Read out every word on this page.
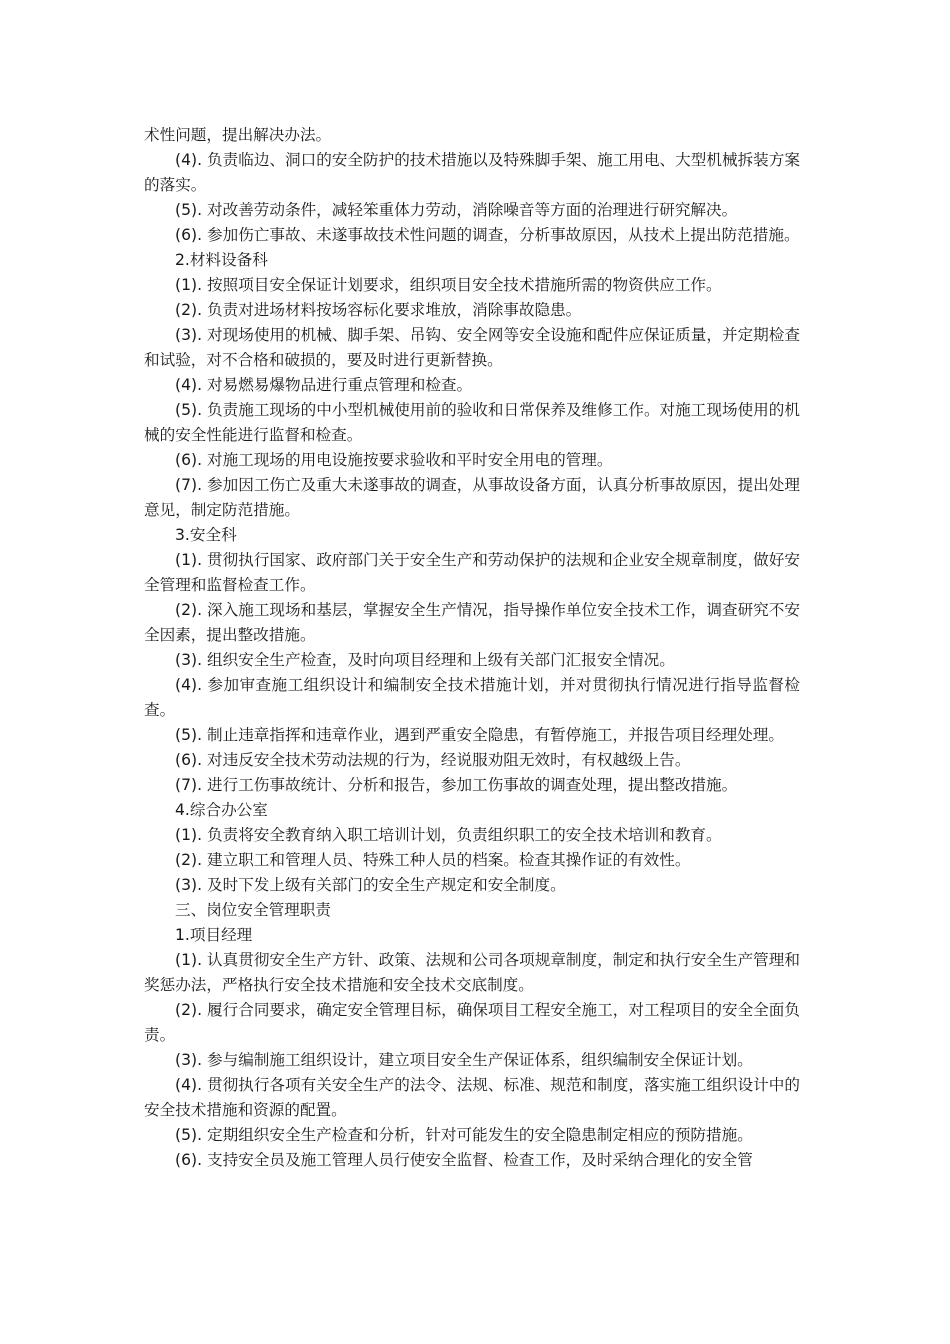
术性问题，提出解决办法。

(4). 负责临边、洞口的安全防护的技术措施以及特殊脚手架、施工用电、大型机械拆装方案的落实。

(5). 对改善劳动条件，减轻笨重体力劳动，消除噪音等方面的治理进行研究解决。

(6). 参加伤亡事故、未遂事故技术性问题的调查，分析事故原因，从技术上提出防范措施。

2.材料设备科

(1). 按照项目安全保证计划要求，组织项目安全技术措施所需的物资供应工作。

(2). 负责对进场材料按场容标化要求堆放，消除事故隐患。

(3). 对现场使用的机械、脚手架、吊钩、安全网等安全设施和配件应保证质量，并定期检查和试验，对不合格和破损的，要及时进行更新替换。

(4). 对易燃易爆物品进行重点管理和检查。

(5). 负责施工现场的中小型机械使用前的验收和日常保养及维修工作。对施工现场使用的机械的安全性能进行监督和检查。

(6). 对施工现场的用电设施按要求验收和平时安全用电的管理。

(7). 参加因工伤亡及重大未遂事故的调查，从事故设备方面，认真分析事故原因，提出处理意见，制定防范措施。

3.安全科

(1). 贯彻执行国家、政府部门关于安全生产和劳动保护的法规和企业安全规章制度，做好安全管理和监督检查工作。

(2). 深入施工现场和基层，掌握安全生产情况，指导操作单位安全技术工作，调查研究不安全因素，提出整改措施。

(3). 组织安全生产检查，及时向项目经理和上级有关部门汇报安全情况。

(4). 参加审查施工组织设计和编制安全技术措施计划，并对贯彻执行情况进行指导监督检查。

(5). 制止违章指挥和违章作业，遇到严重安全隐患，有暂停施工，并报告项目经理处理。

(6). 对违反安全技术劳动法规的行为，经说服劝阻无效时，有权越级上告。

(7). 进行工伤事故统计、分析和报告，参加工伤事故的调查处理，提出整改措施。

4.综合办公室

(1). 负责将安全教育纳入职工培训计划，负责组织职工的安全技术培训和教育。

(2). 建立职工和管理人员、特殊工种人员的档案。检查其操作证的有效性。

(3). 及时下发上级有关部门的安全生产规定和安全制度。

三、岗位安全管理职责

1.项目经理

(1). 认真贯彻安全生产方针、政策、法规和公司各项规章制度，制定和执行安全生产管理和奖惩办法，严格执行安全技术措施和安全技术交底制度。

(2). 履行合同要求，确定安全管理目标，确保项目工程安全施工，对工程项目的安全全面负责。

(3). 参与编制施工组织设计，建立项目安全生产保证体系，组织编制安全保证计划。

(4). 贯彻执行各项有关安全生产的法令、法规、标准、规范和制度，落实施工组织设计中的安全技术措施和资源的配置。

(5). 定期组织安全生产检查和分析，针对可能发生的安全隐患制定相应的预防措施。

(6). 支持安全员及施工管理人员行使安全监督、检查工作，及时采纳合理化的安全管
